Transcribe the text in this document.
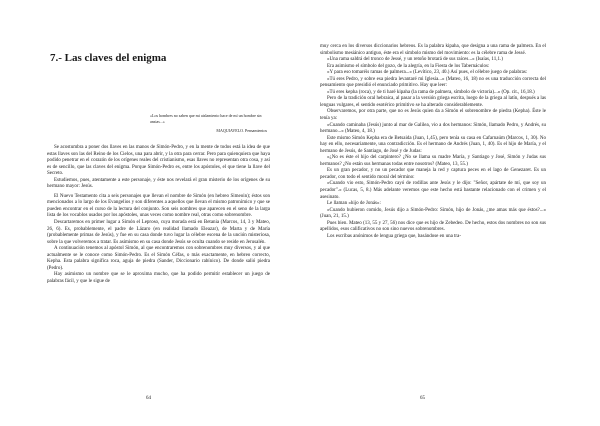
7.- Las claves del enigma
«Los hombres no saben que mi aislamiento hace de mí un hombre sin ansias...»
MAQUIAVELO. Pensamientos

Se acostumbra a poner dos llaves en las manos de Simón-Pedro, y en la mente de todos está la idea de que estas llaves son las del Reino de los Cielos, una para abrir, y la otra para cerrar. Pero para quienquiera que haya podido penetrar en el corazón de los orígenes reales del cristianismo, esas llaves no representan otra cosa, y así es de sencillo, que las claves del enigma. Porque Simón-Pedro es, entre los apóstoles, el que tiene la llave del Secreto.

Estudiemos, pues, atentamente a este personaje, y éste nos revelará el gran misterio de los orígenes de su hermano mayor: Jesús.

El Nuevo Testamento cita a seis personajes que llevan el nombre de Simón (en hebreo Simeoin); éstos son mencionados a lo largo de los Evangelios y son diferentes a aquellos que llevan el mismo patronímico y que se pueden encontrar en el curso de la lectura del conjunto. Son seis nombres que aparecen en el seno de la larga lista de los vocablos usados por los apóstoles, unas veces como nombre real, otras como sobrenombre.

Descartaremos en primer lugar a Simón el Leproso, cuya morada está en Betania (Marcos, 14, 3 y Mateo, 26, 6). Es, probablemente, el padre de Lázaro (en realidad llamado Eleazar), de Marta y de María (probablemente primas de Jesús), y fue en su casa donde tuvo lugar la célebre escena de la unción misteriosa, sobre la que volveremos a tratar. Es asimismo en su casa donde Jesús se oculta cuando se reside en Jerusalén.

A continuación tenemos al apóstol Simón, al que encontraremos con sobrenombres muy diversos, y al que actualmente se le conoce como Simón-Pedro. Es el Simón Céfas, o más exactamente, en hebreo correcto, Kepha. Esta palabra significa roca, aguja de piedra (Sander, Diccionario rabínico). De donde salió piedra (Pedro).

Hay asimismo un nombre que se le aproxima mucho, que ha podido permitir establecer un juego de palabras fácil, y que le sigue de

64

muy cerca en los diversos diccionarios hebreos. Es la palabra kipaha, que designa a una rama de palmera. En el simbolismo mesiánico antiguo, éste era el símbolo mismo del movimiento: es la célebre rama de Jessé.

«Una rama saldrá del tronco de Jessé, y un retoño brotará de sus raíces...» (Isaías, 11,1.)

Era asimismo el símbolo del gozo, de la alegría, en la Fiesta de los Tabernáculos:

«Y para eso tomaréis ramas de palmera...» (Levítico, 23, 40.) Así pues, el célebre juego de palabras:

«Tú eres Pedro, y sobre esa piedra levantaré mi Iglesia...» (Mateo, 16, 18) no es una traducción correcta del pensamiento que presidió el enunciado primitivo. Hay que leer:

«Tú eres kepha (roca), y de ti haré kipaha (la rama de palmera, símbolo de victoria)...» (Op. cit., 16,18.)

Pero de la tradición oral hebraica, al pasar a la versión griega escrita, luego de la griega al latín, después a las lenguas vulgares, el sentido esotérico primitivo se ha alterado considerablemente.

Observaremos, por otra parte, que no es Jesús quien da a Simón el sobrenombre de piedra (Kepha). Éste le tenía ya:

«Cuando caminaba (Jesús) junto al mar de Galilea, vio a dos hermanos: Simón, llamado Pedro, y Andrés, su hermano...» (Mateo, 4, 18.)

Este mismo Simón Kepha era de Betsaida (Juan, 1,45), pero tenía su casa en Cafarnaúm (Marcos, 1, 30). No hay en ello, necesariamente, una contradicción. Es el hermano de Andrés (Juan, 1, 40). Es el hijo de María, y el hermano de Jesús, de Santiago, de José y de Judas:

«¿No es éste el hijo del carpintero? ¿No se llama su madre María, y Santiago y José, Simón y Judas sus hermanos? ¿No están sus hermanas todas entre nosotros? (Mateo, 13, 55.)

Es un gran pecador, y no un pecador que maneja la red y captura peces en el lago de Genezaret. Es un pecador, con todo el sentido moral del término:

«Cuando vio esto, Simón-Pedro cayó de rodillas ante Jesús y le dijo: "Señor, apártate de mí, que soy un pecador".» (Lucas, 5, 8.) Más adelante veremos que este hecho está bastante relacionado con el crimen y el asesinato.

Le llaman «hijo de Jonás»:

«Cuando hubieron comido, Jesús dijo a Simón-Pedro: Simón, hijo de Jonás, ¿me amas más que éstos?...» (Juan, 21, 15.)

Pues bien. Mateo (13, 55 y 27, 56) nos dice que es hijo de Zebedeo. De hecho, estos dos nombres no son sus apellidos, esos calificativos no son sino nuevos sobrenombres.

Los escribas anónimos de lengua griega que, basándose en una tra-

65
